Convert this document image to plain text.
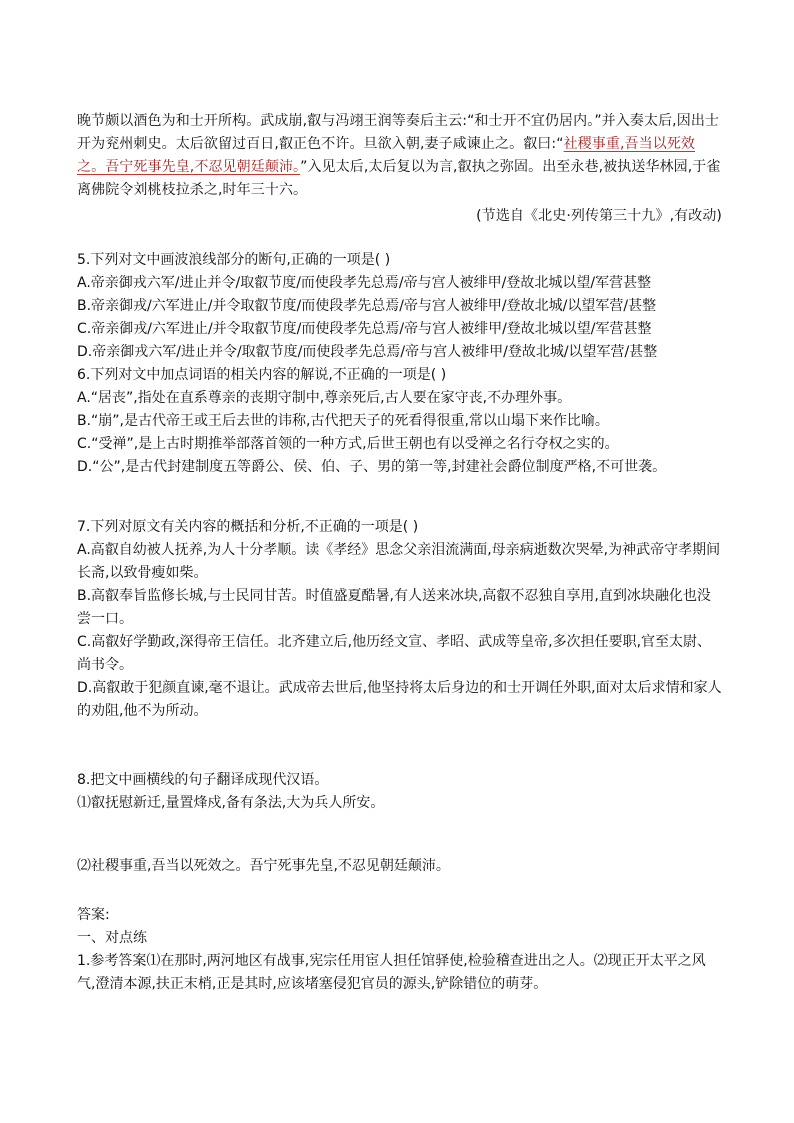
晚节颇以酒色为和士开所构。武成崩,叡与冯翊王润等奏后主云:“和士开不宜仍居内。”并入奏太后,因出士开为兖州刺史。太后欲留过百日,叡正色不许。旦欲入朝,妻子咸谏止之。叡曰:“社稷事重,吾当以死效之。吾宁死事先皇,不忍见朝廷颠沛。”入见太后,太后复以为言,叡执之弥固。出至永巷,被执送华林园,于雀离佛院令刘桃枝拉杀之,时年三十六。

(节选自《北史·列传第三十九》,有改动)

5.下列对文中画波浪线部分的断句,正确的一项是( )

A.帝亲御戎六军/进止并令/取叡节度/而使段孝先总焉/帝与宫人被绯甲/登故北城以望/军营甚整

B.帝亲御戎/六军进止/并令取叡节度/而使段孝先总焉/帝与宫人被绯甲/登故北城/以望军营/甚整

C.帝亲御戎/六军进止/并令取叡节度/而使段孝先总焉/帝与宫人被绯甲/登故北城以望/军营甚整

D.帝亲御戎六军/进止并令/取叡节度/而使段孝先总焉/帝与宫人被绯甲/登故北城/以望军营/甚整

6.下列对文中加点词语的相关内容的解说,不正确的一项是( )

A.“居丧”,指处在直系尊亲的丧期守制中,尊亲死后,古人要在家守丧,不办理外事。

B.“崩”,是古代帝王或王后去世的讳称,古代把天子的死看得很重,常以山塌下来作比喻。

C.“受禅”,是上古时期推举部落首领的一种方式,后世王朝也有以受禅之名行夺权之实的。

D.“公”,是古代封建制度五等爵公、侯、伯、子、男的第一等,封建社会爵位制度严格,不可世袭。

7.下列对原文有关内容的概括和分析,不正确的一项是( )

A.高叡自幼被人抚养,为人十分孝顺。读《孝经》思念父亲泪流满面,母亲病逝数次哭晕,为神武帝守孝期间长斋,以致骨瘦如柴。

B.高叡奉旨监修长城,与士民同甘苦。时值盛夏酷暑,有人送来冰块,高叡不忍独自享用,直到冰块融化也没尝一口。

C.高叡好学勤政,深得帝王信任。北齐建立后,他历经文宣、孝昭、武成等皇帝,多次担任要职,官至太尉、尚书令。

D.高叡敢于犯颜直谏,毫不退让。武成帝去世后,他坚持将太后身边的和士开调任外职,面对太后求情和家人的劝阻,他不为所动。

8.把文中画横线的句子翻译成现代汉语。

⑴叡抚慰新迁,量置烽戍,备有条法,大为兵人所安。

⑵社稷事重,吾当以死效之。吾宁死事先皇,不忍见朝廷颠沛。

答案:

一、对点练

1.参考答案⑴在那时,两河地区有战事,宪宗任用宦人担任馆驿使,检验稽查进出之人。⑵现正开太平之风气,澄清本源,扶正末梢,正是其时,应该堵塞侵犯官员的源头,铲除错位的萌芽。
